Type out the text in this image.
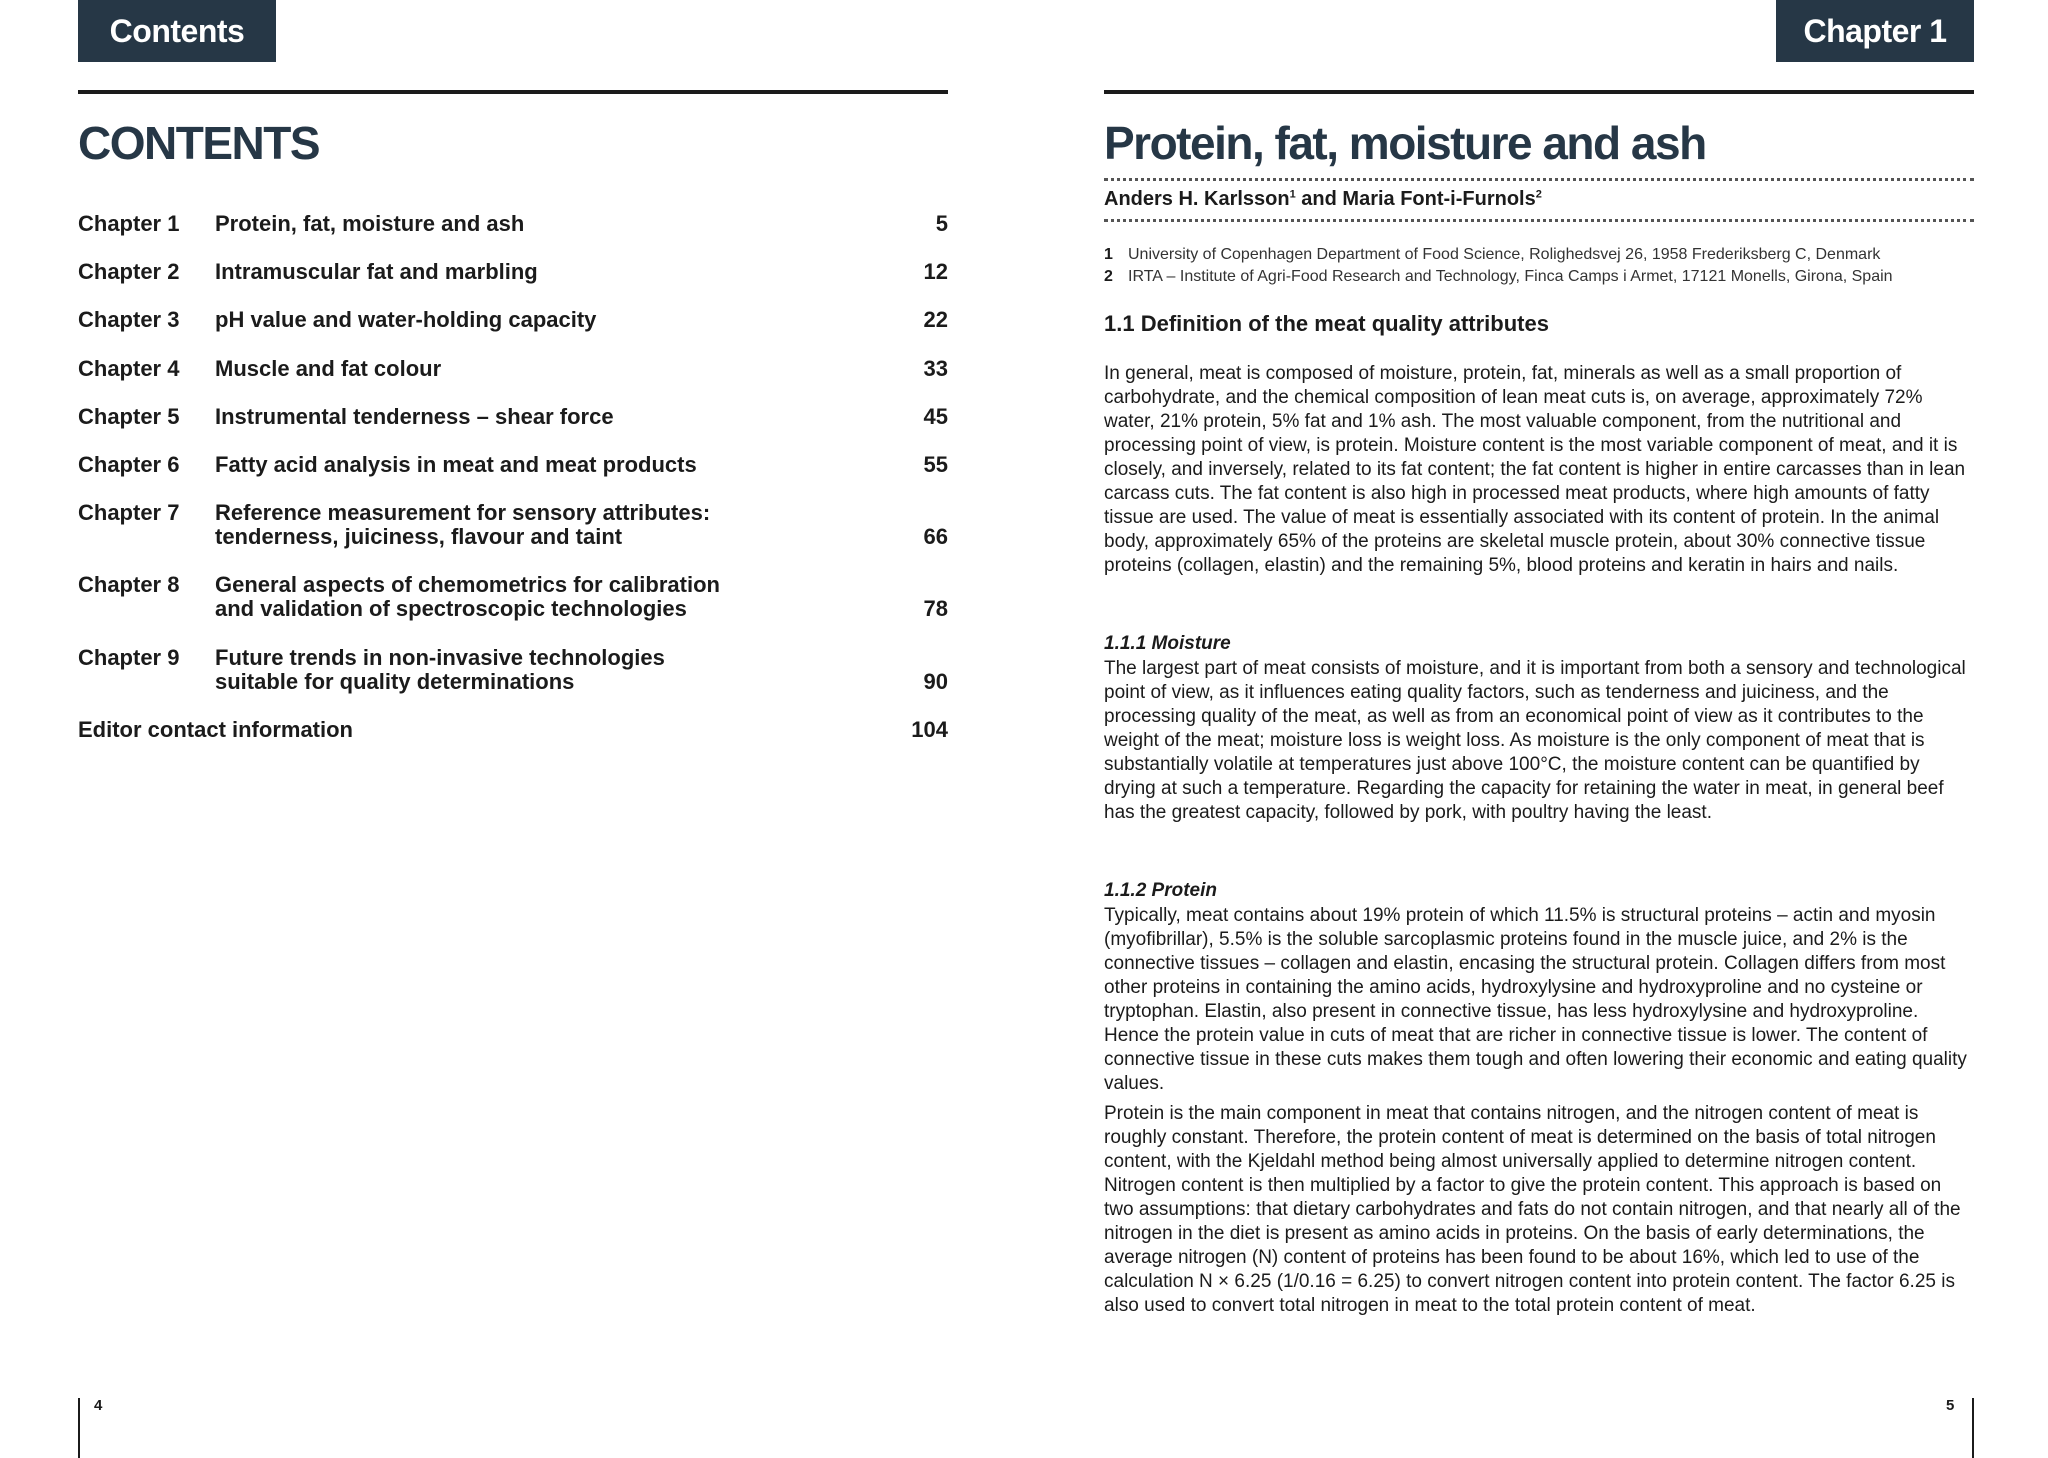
Contents
CONTENTS
Chapter 1 Protein, fat, moisture and ash	5
Chapter 2 Intramuscular fat and marbling	12
Chapter 3 pH value and water-holding capacity	22
Chapter 4 Muscle and fat colour	33
Chapter 5 Instrumental tenderness – shear force	45
Chapter 6 Fatty acid analysis in meat and meat products	55
Chapter 7 Reference measurement for sensory attributes:
tenderness, juiciness, flavour and taint	66
Chapter 8 General aspects of chemometrics for calibration
and validation of spectroscopic technologies	78
Chapter 9 Future trends in non-invasive technologies
suitable for quality determinations	90
Editor contact information	104
4
Chapter 1
Protein, fat, moisture and ash
Anders H. Karlsson$^1$ and Maria Font-i-Furnols$^2$
1 University of Copenhagen Department of Food Science, Rolighedsvej 26, 1958 Frederiksberg C, Denmark
2 IRTA – Institute of Agri-Food Research and Technology, Finca Camps i Armet, 17121 Monells, Girona, Spain
1.1 Definition of the meat quality attributes

In general, meat is composed of moisture, protein, fat, minerals as well as a small proportion of carbohydrate, and the chemical composition of lean meat cuts is, on average, approximately 72% water, 21% protein, 5% fat and 1% ash. The most valuable component, from the nutritional and processing point of view, is protein. Moisture content is the most variable component of meat, and it is closely, and inversely, related to its fat content; the fat content is higher in entire carcasses than in lean carcass cuts. The fat content is also high in processed meat products, where high amounts of fatty tissue are used. The value of meat is essentially associated with its content of protein. In the animal body, approximately 65% of the proteins are skeletal muscle protein, about 30% connective tissue proteins (collagen, elastin) and the remaining 5%, blood proteins and keratin in hairs and nails.

1.1.1 Moisture

The largest part of meat consists of moisture, and it is important from both a sensory and technological point of view, as it influences eating quality factors, such as tenderness and juiciness, and the processing quality of the meat, as well as from an economical point of view as it contributes to the weight of the meat; moisture loss is weight loss. As moisture is the only component of meat that is substantially volatile at temperatures just above 100°C, the moisture content can be quantified by drying at such a temperature. Regarding the capacity for retaining the water in meat, in general beef has the greatest capacity, followed by pork, with poultry having the least.

1.1.2 Protein

Typically, meat contains about 19% protein of which 11.5% is structural proteins – actin and myosin (myofibrillar), 5.5% is the soluble sarcoplasmic proteins found in the muscle juice, and 2% is the connective tissues – collagen and elastin, encasing the structural protein. Collagen differs from most other proteins in containing the amino acids, hydroxylysine and hydroxyproline and no cysteine or tryptophan. Elastin, also present in connective tissue, has less hydroxylysine and hydroxyproline. Hence the protein value in cuts of meat that are richer in connective tissue is lower. The content of connective tissue in these cuts makes them tough and often lowering their economic and eating quality values.

Protein is the main component in meat that contains nitrogen, and the nitrogen content of meat is roughly constant. Therefore, the protein content of meat is determined on the basis of total nitrogen content, with the Kjeldahl method being almost universally applied to determine nitrogen content. Nitrogen content is then multiplied by a factor to give the protein content. This approach is based on two assumptions: that dietary carbohydrates and fats do not contain nitrogen, and that nearly all of the nitrogen in the diet is present as amino acids in proteins. On the basis of early determinations, the average nitrogen (N) content of proteins has been found to be about 16%, which led to use of the calculation N × 6.25 (1/0.16 = 6.25) to convert nitrogen content into protein content. The factor 6.25 is also used to convert total nitrogen in meat to the total protein content of meat.

5
